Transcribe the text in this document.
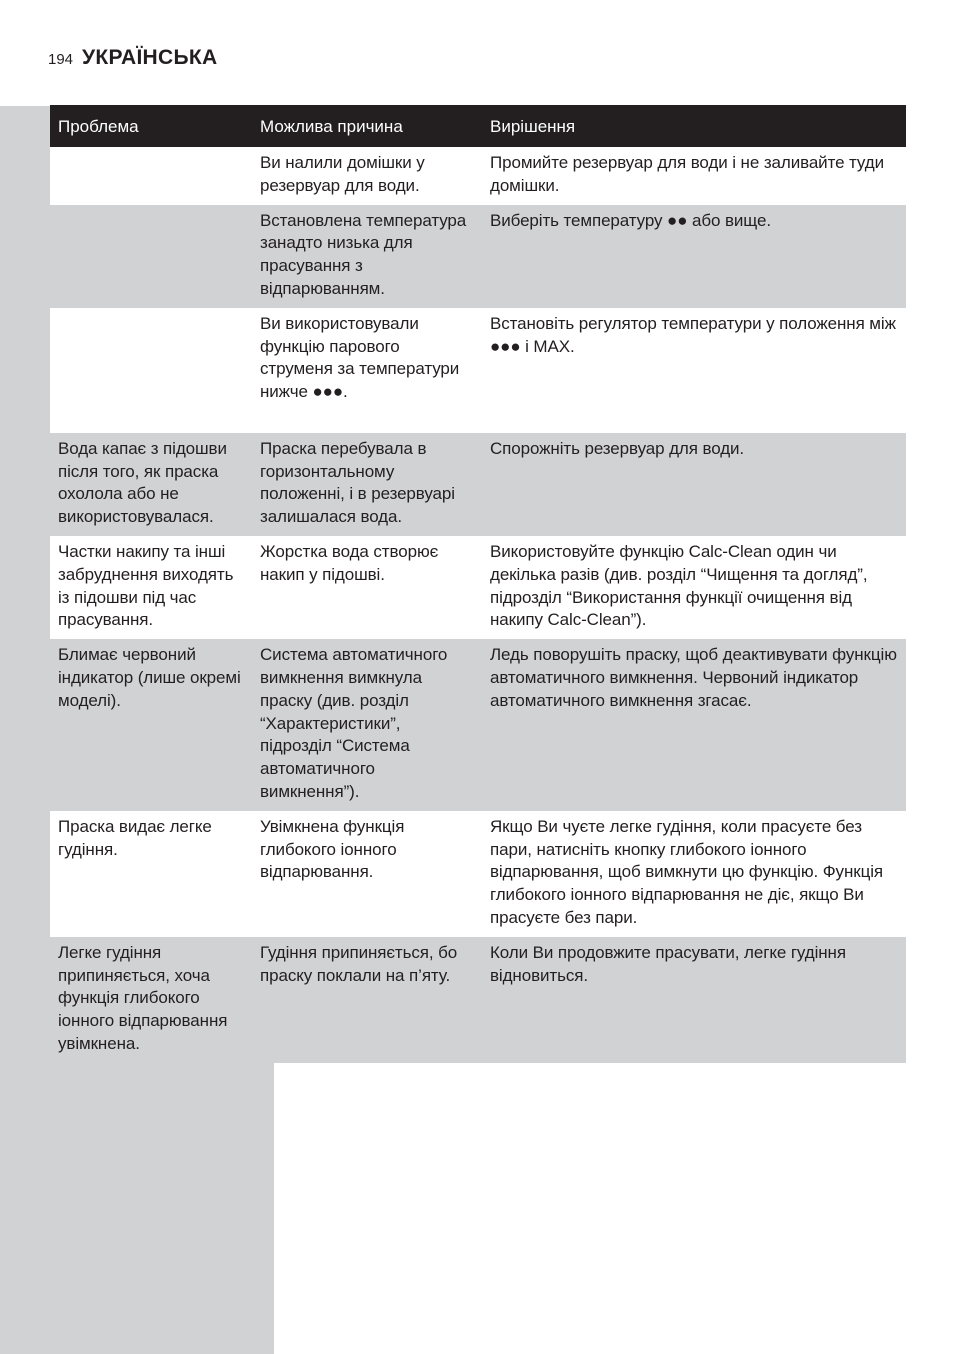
194 УКРАЇНСЬКА
Проблема	Можлива причина	Вирішення
	Ви налили домішки у резервуар для води.	Промийте резервуар для води і не заливайте туди домішки.
	Встановлена температура занадто низька для прасування з відпарюванням.	Виберіть температуру ●● або вище.
	Ви використовували функцію парового струменя за температури нижче ●●●.	Встановіть регулятор температури у положення між ●●● і MAX.
Вода капає з підошви після того, як праска охолола або не використовувалася.	Праска перебувала в горизонтальному положенні, і в резервуарі залишалася вода.	Спорожніть резервуар для води.
Частки накипу та інші забруднення виходять із підошви під час прасування.	Жорстка вода створює накип у підошві.	Використовуйте функцію Calc-Clean один чи декілька разів (див. розділ “Чищення та догляд”, підрозділ “Використання функції очищення від накипу Calc-Clean”).
Блимає червоний індикатор (лише окремі моделі).	Система автоматичного вимкнення вимкнула праску (див. розділ “Характеристики”, підрозділ “Система автоматичного вимкнення”).	Ледь поворушіть праску, щоб деактивувати функцію автоматичного вимкнення. Червоний індикатор автоматичного вимкнення згасає.
Праска видає легке гудіння.	Увімкнена функція глибокого іонного відпарювання.	Якщо Ви чуєте легке гудіння, коли прасуєте без пари, натисніть кнопку глибокого іонного відпарювання, щоб вимкнути цю функцію. Функція глибокого іонного відпарювання не діє, якщо Ви прасуєте без пари.
Легке гудіння припиняється, хоча функція глибокого іонного відпарювання увімкнена.	Гудіння припиняється, бо праску поклали на п’яту.	Коли Ви продовжите прасувати, легке гудіння відновиться.
